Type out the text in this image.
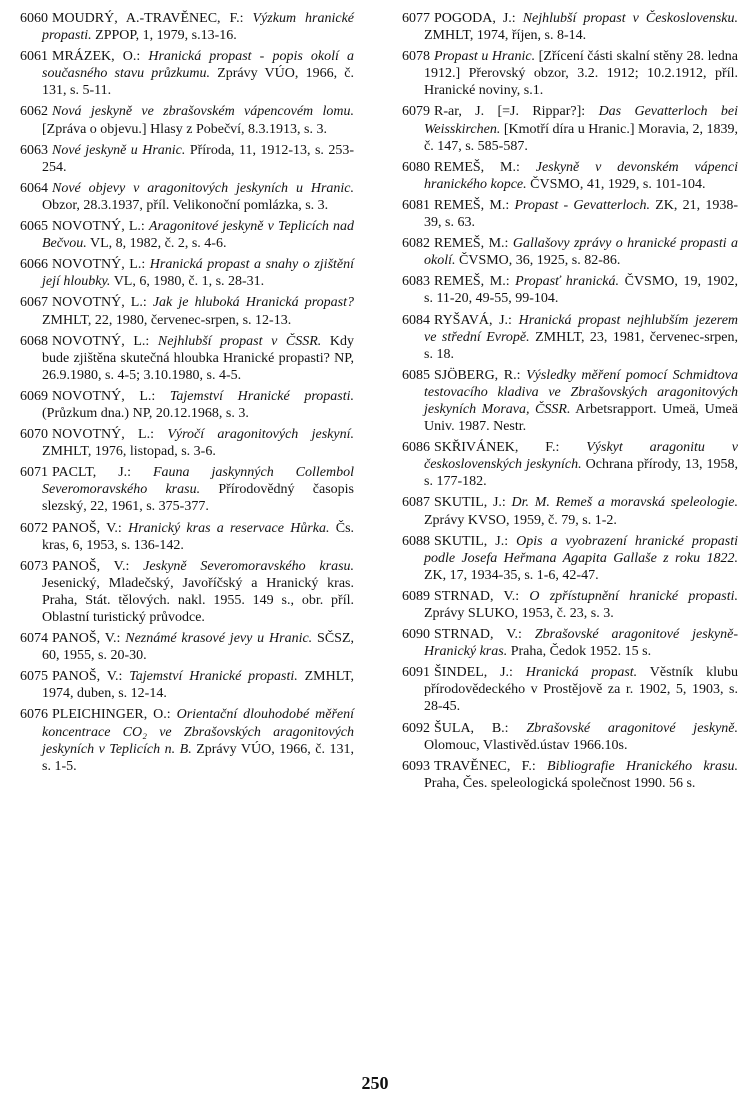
6060 MOUDRÝ, A.-TRAVĚNEC, F.: Výzkum hranické propasti. ZPPOP, 1, 1979, s.13-16.

6061 MRÁZEK, O.: Hranická propast - popis okolí a současného stavu průzkumu. Zprávy VÚO, 1966, č. 131, s. 5-11.

6062 Nová jeskyně ve zbrašovském vápencovém lomu. [Zpráva o objevu.] Hlasy z Pobečví, 8.3.1913, s. 3.

6063 Nové jeskyně u Hranic. Příroda, 11, 1912-13, s. 253-254.

6064 Nové objevy v aragonitových jeskyních u Hranic. Obzor, 28.3.1937, příl. Velikonoční pomlázka, s. 3.

6065 NOVOTNÝ, L.: Aragonitové jeskyně v Teplicích nad Bečvou. VL, 8, 1982, č. 2, s. 4-6.

6066 NOVOTNÝ, L.: Hranická propast a snahy o zjištění její hloubky. VL, 6, 1980, č. 1, s. 28-31.

6067 NOVOTNÝ, L.: Jak je hluboká Hranická propast? ZMHLT, 22, 1980, červenec-srpen, s. 12-13.

6068 NOVOTNÝ, L.: Nejhlubší propast v ČSSR. Kdy bude zjištěna skutečná hloubka Hranické propasti? NP, 26.9.1980, s. 4-5; 3.10.1980, s. 4-5.

6069 NOVOTNÝ, L.: Tajemství Hranické propasti. (Průzkum dna.) NP, 20.12.1968, s. 3.

6070 NOVOTNÝ, L.: Výročí aragonitových jeskyní. ZMHLT, 1976, listopad, s. 3-6.

6071 PACLT, J.: Fauna jaskynných Collembol Severomoravského krasu. Přírodovědný časopis slezský, 22, 1961, s. 375-377.

6072 PANOŠ, V.: Hranický kras a reservace Hůrka. Čs. kras, 6, 1953, s. 136-142.

6073 PANOŠ, V.: Jeskyně Severomoravského krasu. Jesenický, Mladečský, Javoříčský a Hranický kras. Praha, Stát. tělových. nakl. 1955. 149 s., obr. příl. Oblastní turistický průvodce.

6074 PANOŠ, V.: Neznámé krasové jevy u Hranic. SČSZ, 60, 1955, s. 20-30.

6075 PANOŠ, V.: Tajemství Hranické propasti. ZMHLT, 1974, duben, s. 12-14.

6076 PLEICHINGER, O.: Orientační dlouhodobé měření koncentrace CO₂ ve Zbrašovských aragonitových jeskyních v Teplicích n. B. Zprávy VÚO, 1966, č. 131, s. 1-5.

6077 POGODA, J.: Nejhlubší propast v Československu. ZMHLT, 1974, říjen, s. 8-14.

6078 Propast u Hranic. [Zřícení části skalní stěny 28. ledna 1912.] Přerovský obzor, 3.2. 1912; 10.2.1912, příl. Hranické noviny, s.1.

6079 R-ar, J. [=J. Rippar?]: Das Gevatterloch bei Weisskirchen. [Kmotří díra u Hranic.] Moravia, 2, 1839, č. 147, s. 585-587.

6080 REMEŠ, M.: Jeskyně v devonském vápenci hranického kopce. ČVSMO, 41, 1929, s. 101-104.

6081 REMEŠ, M.: Propast - Gevatterloch. ZK, 21, 1938-39, s. 63.

6082 REMEŠ, M.: Gallašovy zprávy o hranické propasti a okolí. ČVSMO, 36, 1925, s. 82-86.

6083 REMEŠ, M.: Propasť hranická. ČVSMO, 19, 1902, s. 11-20, 49-55, 99-104.

6084 RYŠAVÁ, J.: Hranická propast nejhlubším jezerem ve střední Evropě. ZMHLT, 23, 1981, červenec-srpen, s. 18.

6085 SJÖBERG, R.: Výsledky měření pomocí Schmidtova testovacího kladiva ve Zbrašovských aragonitových jeskyních Morava, ČSSR. Arbetsrapport. Umeä, Umeä Univ. 1987. Nestr.

6086 SKŘIVÁNEK, F.: Výskyt aragonitu v československých jeskyních. Ochrana přírody, 13, 1958, s. 177-182.

6087 SKUTIL, J.: Dr. M. Remeš a moravská speleologie. Zprávy KVSO, 1959, č. 79, s. 1-2.

6088 SKUTIL, J.: Opis a vyobrazení hranické propasti podle Josefa Heřmana Agapita Gallaše z roku 1822. ZK, 17, 1934-35, s. 1-6, 42-47.

6089 STRNAD, V.: O zpřístupnění hranické propasti. Zprávy SLUKO, 1953, č. 23, s. 3.

6090 STRNAD, V.: Zbrašovské aragonitové jeskyně-Hranický kras. Praha, Čedok 1952. 15 s.

6091 ŠINDEL, J.: Hranická propast. Věstník klubu přírodovědeckého v Prostějově za r. 1902, 5, 1903, s. 28-45.

6092 ŠULA, B.: Zbrašovské aragonitové jeskyně. Olomouc, Vlastivěd.ústav 1966.10s.

6093 TRAVĚNEC, F.: Bibliografie Hranického krasu. Praha, Čes. speleologická společnost 1990. 56 s.

250
